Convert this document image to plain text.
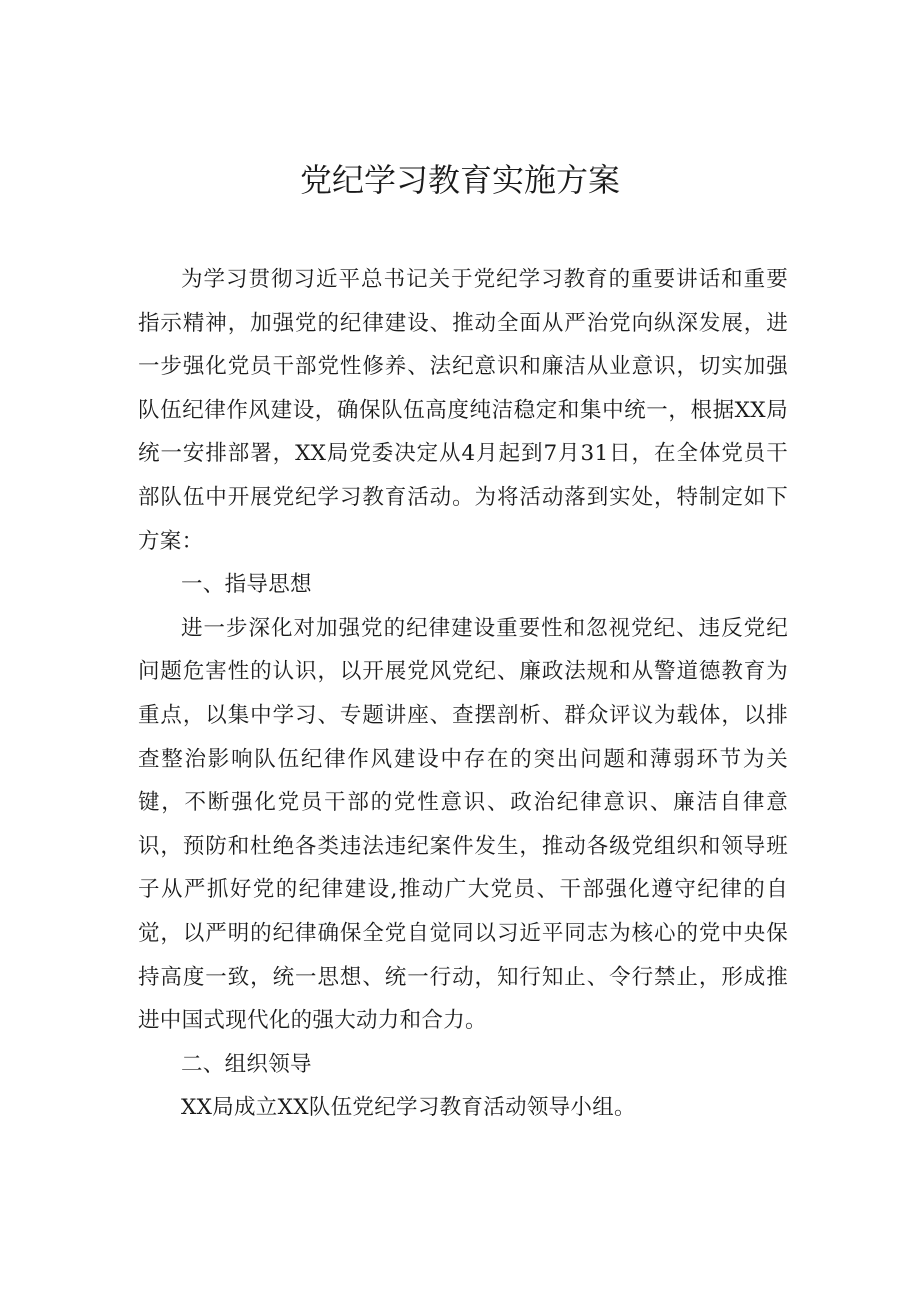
党纪学习教育实施方案

为学习贯彻习近平总书记关于党纪学习教育的重要讲话和重要指示精神，加强党的纪律建设、推动全面从严治党向纵深发展，进一步强化党员干部党性修养、法纪意识和廉洁从业意识，切实加强队伍纪律作风建设，确保队伍高度纯洁稳定和集中统一，根据XX局统一安排部署，XX局党委决定从4月起到7月31日，在全体党员干部队伍中开展党纪学习教育活动。为将活动落到实处，特制定如下方案：

一、指导思想

进一步深化对加强党的纪律建设重要性和忽视党纪、违反党纪问题危害性的认识，以开展党风党纪、廉政法规和从警道德教育为重点，以集中学习、专题讲座、查摆剖析、群众评议为载体，以排查整治影响队伍纪律作风建设中存在的突出问题和薄弱环节为关键，不断强化党员干部的党性意识、政治纪律意识、廉洁自律意识，预防和杜绝各类违法违纪案件发生，推动各级党组织和领导班子从严抓好党的纪律建设,推动广大党员、干部强化遵守纪律的自觉，以严明的纪律确保全党自觉同以习近平同志为核心的党中央保持高度一致，统一思想、统一行动，知行知止、令行禁止，形成推进中国式现代化的强大动力和合力。

二、组织领导

XX局成立XX队伍党纪学习教育活动领导小组。
